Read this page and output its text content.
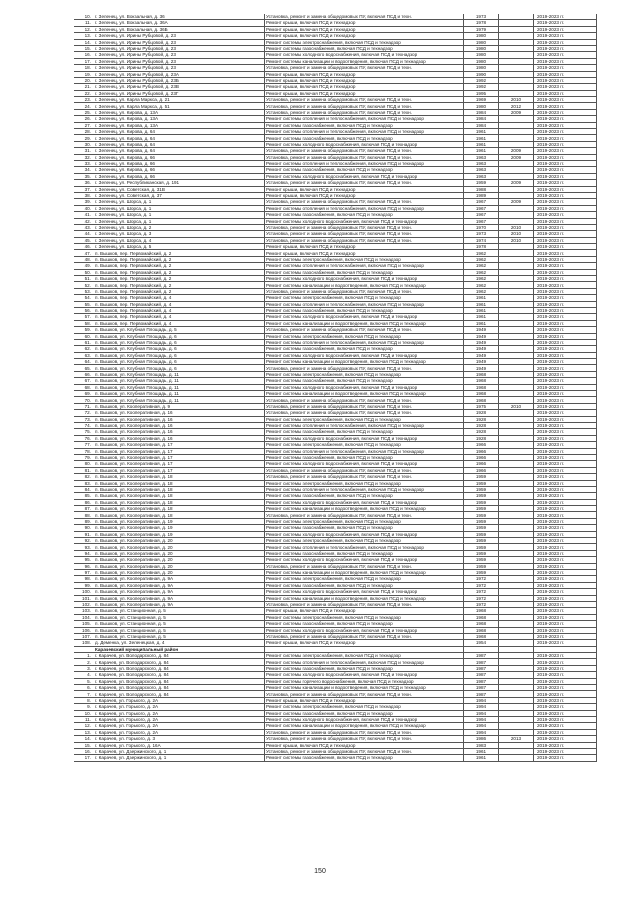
10.	г. Зеленец, ул. Вокзальная, д. 36	Установка, ремонт и замена общедомовых ПУ, включая ПСД и техн.	1973		2019-2023 гг.
11.	г. Зеленец, ул. Вокзальная, д. 36А	Ремонт крыши, включая ПСД и технадзор	1978		2019-2023 гг.
12.	г. Зеленец, ул. Вокзальная, д. 36Б	Ремонт крыши, включая ПСД и технадзор	1979		2019-2023 гг.
13.	г. Зеленец, ул. Ирины Рубцовой, д. 23	Ремонт крыши, включая ПСД и технадзор	1980		2019-2023 гг.
14.	г. Зеленец, ул. Ирины Рубцовой, д. 23	Ремонт системы электроснабжения, включая ПСД и технадзор	1980		2019-2023 гг.
15.	г. Зеленец, ул. Ирины Рубцовой, д. 23	Ремонт системы газоснабжения, включая ПСД и технадзор	1980		2019-2023 гг.
16.	г. Зеленец, ул. Ирины Рубцовой, д. 23	Ремонт системы холодного водоснабжения, включая ПСД и технадзор	1980		2019-2023 гг.
17.	г. Зеленец, ул. Ирины Рубцовой, д. 23	Ремонт системы канализации и водоотведения, включая ПСД и технадзор	1980		2019-2023 гг.
18.	г. Зеленец, ул. Ирины Рубцовой, д. 23	Установка, ремонт и замена общедомовых ПУ, включая ПСД и техн.	1980		2019-2023 гг.
19.	г. Зеленец, ул. Ирины Рубцовой, д. 23А	Ремонт крыши, включая ПСД и технадзор	1990		2019-2023 гг.
20.	г. Зеленец, ул. Ирины Рубцовой, д. 23Б	Ремонт крыши, включая ПСД и технадзор	1992		2019-2023 гг.
21.	г. Зеленец, ул. Ирины Рубцовой, д. 23В	Ремонт крыши, включая ПСД и технадзор	1992		2019-2023 гг.
22.	г. Зеленец, ул. Ирины Рубцовой, д. 23Г	Ремонт крыши, включая ПСД и технадзор	1995		2019-2023 гг.
23.	г. Зеленец, ул. Карла Маркса, д. 21	Установка, ремонт и замена общедомовых ПУ, включая ПСД и техн.	1969	2010	2019-2023 гг.
24.	г. Зеленец, ул. Карла Маркса, д. 51	Установка, ремонт и замена общедомовых ПУ, включая ПСД и техн.	1980	2012	2019-2023 гг.
25.	г. Зеленец, ул. Кирова, д. 13А	Установка, ремонт и замена общедомовых ПУ, включая ПСД и техн.	1984	2009	2019-2023 гг.
26.	г. Зеленец, ул. Кирова, д. 13А	Ремонт системы отопления и теплоснабжения, включая ПСД и технадзор	1984		2019-2023 гг.
27.	г. Зеленец, ул. Кирова, д. 13А	Ремонт системы газоснабжения, включая ПСД и технадзор	1984		2019-2023 гг.
28.	г. Зеленец, ул. Кирова, д. 64	Ремонт системы отопления и теплоснабжения, включая ПСД и технадзор	1961		2019-2023 гг.
29.	г. Зеленец, ул. Кирова, д. 64	Ремонт системы газоснабжения, включая ПСД и технадзор	1961		2019-2023 гг.
30.	г. Зеленец, ул. Кирова, д. 64	Ремонт системы холодного водоснабжения, включая ПСД и технадзор	1961		2019-2023 гг.
31.	г. Зеленец, ул. Кирова, д. 64	Установка, ремонт и замена общедомовых ПУ, включая ПСД и техн.	1961	2009	2019-2023 гг.
32.	г. Зеленец, ул. Кирова, д. 66	Установка, ремонт и замена общедомовых ПУ, включая ПСД и техн.	1963	2009	2019-2023 гг.
33.	г. Зеленец, ул. Кирова, д. 66	Ремонт системы отопления и теплоснабжения, включая ПСД и технадзор	1963		2019-2023 гг.
34.	г. Зеленец, ул. Кирова, д. 66	Ремонт системы газоснабжения, включая ПСД и технадзор	1963		2019-2023 гг.
35.	г. Зеленец, ул. Кирова, д. 66	Ремонт системы холодного водоснабжения, включая ПСД и технадзор	1963		2019-2023 гг.
36.	г. Зеленец, ул. Республиканская, д. 191	Установка, ремонт и замена общедомовых ПУ, включая ПСД и техн.	1959	2009	2019-2023 гг.
37.	г. Зеленец, ул. Советская, д. 31В	Ремонт крыши, включая ПСД и технадзор	1988		2019-2023 гг.
38.	г. Зеленец, ул. Советская, д. 37	Ремонт крыши, включая ПСД и технадзор	1989		2019-2023 гг.
39.	г. Зеленец, ул. Шорса, д. 1	Установка, ремонт и замена общедомовых ПУ, включая ПСД и техн.	1967	2009	2019-2023 гг.
40.	г. Зеленец, ул. Шорса, д. 1	Ремонт системы отопления и теплоснабжения, включая ПСД и технадзор	1967		2019-2023 гг.
41.	г. Зеленец, ул. Шорса, д. 1	Ремонт системы газоснабжения, включая ПСД и технадзор	1967		2019-2023 гг.
42.	г. Зеленец, ул. Шорса, д. 1	Ремонт системы холодного водоснабжения, включая ПСД и технадзор	1967		2019-2023 гг.
43.	г. Зеленец, ул. Шорса, д. 2	Установка, ремонт и замена общедомовых ПУ, включая ПСД и техн.	1970	2010	2019-2023 гг.
44.	г. Зеленец, ул. Шорса, д. 3	Установка, ремонт и замена общедомовых ПУ, включая ПСД и техн.	1973	2010	2019-2023 гг.
45.	г. Зеленец, ул. Шорса, д. 4	Установка, ремонт и замена общедомовых ПУ, включая ПСД и техн.	1974	2010	2019-2023 гг.
46.	г. Зеленец, ул. Шорса, д. 5	Ремонт крыши, включая ПСД и технадзор	1978		2019-2023 гг.
47.	п. Вышков, пер. Первомайский, д. 2	Ремонт крыши, включая ПСД и технадзор	1962		2019-2023 гг.
48.	п. Вышков, пер. Первомайский, д. 2	Ремонт системы электроснабжения, включая ПСД и технадзор	1962		2019-2023 гг.
49.	п. Вышков, пер. Первомайский, д. 2	Ремонт системы отопления и теплоснабжения, включая ПСД и технадзор	1962		2019-2023 гг.
50.	п. Вышков, пер. Первомайский, д. 2	Ремонт системы газоснабжения, включая ПСД и технадзор	1962		2019-2023 гг.
51.	п. Вышков, пер. Первомайский, д. 2	Ремонт системы холодного водоснабжения, включая ПСД и технадзор	1962		2019-2023 гг.
52.	п. Вышков, пер. Первомайский, д. 2	Ремонт системы канализации и водоотведения, включая ПСД и технадзор	1962		2019-2023 гг.
53.	п. Вышков, пер. Первомайский, д. 2	Установка, ремонт и замена общедомовых ПУ, включая ПСД и техн.	1962		2019-2023 гг.
54.	п. Вышков, пер. Первомайский, д. 4	Ремонт системы электроснабжения, включая ПСД и технадзор	1961		2019-2023 гг.
55.	п. Вышков, пер. Первомайский, д. 4	Ремонт системы отопления и теплоснабжения, включая ПСД и технадзор	1961		2019-2023 гг.
56.	п. Вышков, пер. Первомайский, д. 4	Ремонт системы газоснабжения, включая ПСД и технадзор	1961		2019-2023 гг.
57.	п. Вышков, пер. Первомайский, д. 4	Ремонт системы холодного водоснабжения, включая ПСД и технадзор	1961		2019-2023 гг.
58.	п. Вышков, пер. Первомайский, д. 4	Ремонт системы канализации и водоотведения, включая ПСД и технадзор	1961		2019-2023 гг.
59.	п. Вышков, ул. Клубная Площадь, д. 5	Установка, ремонт и замена общедомовых ПУ, включая ПСД и техн.	1949		2019-2023 гг.
60.	п. Вышков, ул. Клубная Площадь, д. 6	Ремонт системы электроснабжения, включая ПСД и технадзор	1949		2019-2023 гг.
61.	п. Вышков, ул. Клубная Площадь, д. 6	Ремонт системы отопления и теплоснабжения, включая ПСД и технадзор	1949		2019-2023 гг.
62.	п. Вышков, ул. Клубная Площадь, д. 6	Ремонт системы газоснабжения, включая ПСД и технадзор	1949		2019-2023 гг.
63.	п. Вышков, ул. Клубная Площадь, д. 6	Ремонт системы холодного водоснабжения, включая ПСД и технадзор	1949		2019-2023 гг.
64.	п. Вышков, ул. Клубная Площадь, д. 6	Ремонт системы канализации и водоотведения, включая ПСД и технадзор	1949		2019-2023 гг.
65.	п. Вышков, ул. Клубная Площадь, д. 6	Установка, ремонт и замена общедомовых ПУ, включая ПСД и техн.	1949		2019-2023 гг.
66.	п. Вышков, ул. Клубная Площадь, д. 11	Ремонт системы электроснабжения, включая ПСД и технадзор	1968		2019-2023 гг.
67.	п. Вышков, ул. Клубная Площадь, д. 11	Ремонт системы газоснабжения, включая ПСД и технадзор	1968		2019-2023 гг.
68.	п. Вышков, ул. Клубная Площадь, д. 11	Ремонт системы холодного водоснабжения, включая ПСД и технадзор	1968		2019-2023 гг.
69.	п. Вышков, ул. Клубная Площадь, д. 11	Ремонт системы канализации и водоотведения, включая ПСД и технадзор	1968		2019-2023 гг.
70.	п. Вышков, ул. Клубная Площадь, д. 11	Установка, ремонт и замена общедомовых ПУ, включая ПСД и техн.	1968		2019-2023 гг.
71.	п. Вышков, ул. Кооперативная, д. 9	Установка, ремонт и замена общедомовых ПУ, включая ПСД и техн.	1975	2010	2019-2023 гг.
72.	п. Вышков, ул. Кооперативная, д. 16	Установка, ремонт и замена общедомовых ПУ, включая ПСД и техн.	1928		2019-2023 гг.
73.	п. Вышков, ул. Кооперативная, д. 16	Ремонт системы электроснабжения, включая ПСД и технадзор	1928		2019-2023 гг.
74.	п. Вышков, ул. Кооперативная, д. 16	Ремонт системы отопления и теплоснабжения, включая ПСД и технадзор	1928		2019-2023 гг.
75.	п. Вышков, ул. Кооперативная, д. 16	Ремонт системы газоснабжения, включая ПСД и технадзор	1928		2019-2023 гг.
76.	п. Вышков, ул. Кооперативная, д. 16	Ремонт системы холодного водоснабжения, включая ПСД и технадзор	1928		2019-2023 гг.
77.	п. Вышков, ул. Кооперативная, д. 17	Ремонт системы электроснабжения, включая ПСД и технадзор	1966		2019-2023 гг.
78.	п. Вышков, ул. Кооперативная, д. 17	Ремонт системы отопления и теплоснабжения, включая ПСД и технадзор	1966		2019-2023 гг.
79.	п. Вышков, ул. Кооперативная, д. 17	Ремонт системы газоснабжения, включая ПСД и технадзор	1966		2019-2023 гг.
80.	п. Вышков, ул. Кооперативная, д. 17	Ремонт системы холодного водоснабжения, включая ПСД и технадзор	1966		2019-2023 гг.
81.	п. Вышков, ул. Кооперативная, д. 17	Установка, ремонт и замена общедомовых ПУ, включая ПСД и техн.	1966		2019-2023 гг.
82.	п. Вышков, ул. Кооперативная, д. 18	Установка, ремонт и замена общедомовых ПУ, включая ПСД и техн.	1959		2019-2023 гг.
83.	п. Вышков, ул. Кооперативная, д. 18	Ремонт системы электроснабжения, включая ПСД и технадзор	1959		2019-2023 гг.
84.	п. Вышков, ул. Кооперативная, д. 18	Ремонт системы отопления и теплоснабжения, включая ПСД и технадзор	1959		2019-2023 гг.
85.	п. Вышков, ул. Кооперативная, д. 18	Ремонт системы газоснабжения, включая ПСД и технадзор	1959		2019-2023 гг.
86.	п. Вышков, ул. Кооперативная, д. 18	Ремонт системы холодного водоснабжения, включая ПСД и технадзор	1959		2019-2023 гг.
87.	п. Вышков, ул. Кооперативная, д. 18	Ремонт системы канализации и водоотведения, включая ПСД и технадзор	1959		2019-2023 гг.
88.	п. Вышков, ул. Кооперативная, д. 18	Установка, ремонт и замена общедомовых ПУ, включая ПСД и техн.	1959		2019-2023 гг.
89.	п. Вышков, ул. Кооперативная, д. 19	Ремонт системы электроснабжения, включая ПСД и технадзор	1959		2019-2023 гг.
90.	п. Вышков, ул. Кооперативная, д. 19	Ремонт системы газоснабжения, включая ПСД и технадзор	1959		2019-2023 гг.
91.	п. Вышков, ул. Кооперативная, д. 19	Ремонт системы холодного водоснабжения, включая ПСД и технадзор	1959		2019-2023 гг.
92.	п. Вышков, ул. Кооперативная, д. 20	Ремонт системы электроснабжения, включая ПСД и технадзор	1959		2019-2023 гг.
93.	п. Вышков, ул. Кооперативная, д. 20	Ремонт системы отопления и теплоснабжения, включая ПСД и технадзор	1959		2019-2023 гг.
94.	п. Вышков, ул. Кооперативная, д. 20	Ремонт системы газоснабжения, включая ПСД и технадзор	1959		2019-2023 гг.
95.	п. Вышков, ул. Кооперативная, д. 20	Ремонт системы холодного водоснабжения, включая ПСД и технадзор	1959		2019-2023 гг.
96.	п. Вышков, ул. Кооперативная, д. 20	Установка, ремонт и замена общедомовых ПУ, включая ПСД и техн.	1959		2019-2023 гг.
97.	п. Вышков, ул. Кооперативная, д. 20	Ремонт системы канализации и водоотведения, включая ПСД и технадзор	1959		2019-2023 гг.
98.	п. Вышков, ул. Кооперативная, д. 9А	Ремонт системы электроснабжения, включая ПСД и технадзор	1972		2019-2023 гг.
99.	п. Вышков, ул. Кооперативная, д. 9А	Ремонт системы газоснабжения, включая ПСД и технадзор	1972		2019-2023 гг.
100.	п. Вышков, ул. Кооперативная, д. 9А	Ремонт системы холодного водоснабжения, включая ПСД и технадзор	1972		2019-2023 гг.
101.	п. Вышков, ул. Кооперативная, д. 9А	Ремонт системы канализации и водоотведения, включая ПСД и технадзор	1972		2019-2023 гг.
102.	п. Вышков, ул. Кооперативная, д. 9А	Установка, ремонт и замена общедомовых ПУ, включая ПСД и техн.	1972		2019-2023 гг.
103.	п. Вышков, ул. Станционная, д. 5	Ремонт крыши, включая ПСД и технадзор	1968		2019-2023 гг.
104.	п. Вышков, ул. Станционная, д. 5	Ремонт системы электроснабжения, включая ПСД и технадзор	1968		2019-2023 гг.
105.	п. Вышков, ул. Станционная, д. 5	Ремонт системы газоснабжения, включая ПСД и технадзор	1968		2019-2023 гг.
106.	п. Вышков, ул. Станционная, д. 5	Ремонт системы холодного водоснабжения, включая ПСД и технадзор	1968		2019-2023 гг.
107.	п. Вышков, ул. Станционная, д. 5	Установка, ремонт и замена общедомовых ПУ, включая ПСД и техн.	1968		2019-2023 гг.
108.	д. Деменка, ул. Зеленецкая, д. 4	Ремонт крыши, включая ПСД и технадзор	1954		2019-2023 гг.
	Карачевский муниципальный район				
1.	г. Карачев, ул. Володарского, д. 84	Ремонт системы электроснабжения, включая ПСД и технадзор	1987		2019-2023 гг.
2.	г. Карачев, ул. Володарского, д. 84	Ремонт системы отопления и теплоснабжения, включая ПСД и технадзор	1987		2019-2023 гг.
3.	г. Карачев, ул. Володарского, д. 84	Ремонт системы газоснабжения, включая ПСД и технадзор	1987		2019-2023 гг.
4.	г. Карачев, ул. Володарского, д. 84	Ремонт системы холодного водоснабжения, включая ПСД и технадзор	1987		2019-2023 гг.
5.	г. Карачев, ул. Володарского, д. 84	Ремонт системы горячего водоснабжения, включая ПСД и технадзор	1987		2019-2023 гг.
6.	г. Карачев, ул. Володарского, д. 84	Ремонт системы канализации и водоотведения, включая ПСД и технадзор	1987		2019-2023 гг.
7.	г. Карачев, ул. Володарского, д. 84	Установка, ремонт и замена общедомовых ПУ, включая ПСД и техн.	1987		2019-2023 гг.
8.	г. Карачев, ул. Горького, д. 2А	Ремонт крыши, включая ПСД и технадзор	1994		2019-2023 гг.
9.	г. Карачев, ул. Горького, д. 2А	Ремонт системы электроснабжения, включая ПСД и технадзор	1994		2019-2023 гг.
10.	г. Карачев, ул. Горького, д. 2А	Ремонт системы газоснабжения, включая ПСД и технадзор	1994		2019-2023 гг.
11.	г. Карачев, ул. Горького, д. 2А	Ремонт системы холодного водоснабжения, включая ПСД и технадзор	1994		2019-2023 гг.
12.	г. Карачев, ул. Горького, д. 2А	Ремонт системы канализации и водоотведения, включая ПСД и технадзор	1994		2019-2023 гг.
13.	г. Карачев, ул. Горького, д. 2А	Установка, ремонт и замена общедомовых ПУ, включая ПСД и техн.	1994		2019-2023 гг.
14.	г. Карачев, ул. Горького, д. 3	Установка, ремонт и замена общедомовых ПУ, включая ПСД и техн.	1986	2013	2019-2023 гг.
15.	г. Карачев, ул. Горького, д. 16А	Ремонт крыши, включая ПСД и технадзор	1983		2019-2023 гг.
16.	г. Карачев, ул. Дзержинского, д. 1	Установка, ремонт и замена общедомовых ПУ, включая ПСД и техн.	1961		2019-2023 гг.
17.	г. Карачев, ул. Дзержинского, д. 1	Ремонт системы газоснабжения, включая ПСД и технадзор	1961		2019-2023 гг.
150
